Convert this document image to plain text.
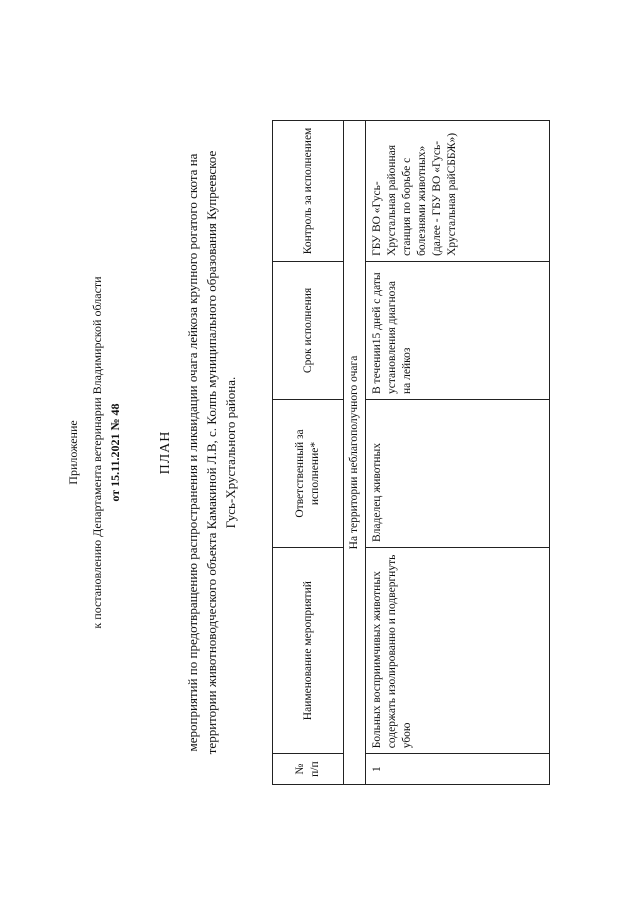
Приложение к постановлению Департамента ветеринарии Владимирской области от 15.11.2021 № 48	ПЛАН мероприятий по предотвращению распространения и ликвидации очага лейкоза крупного рогатого скота на территории животноводческого объекта Камакиной Л.В, с. Колпь муниципального образования Купреевское Гусь-Хрустального района.
№ п/п	Наименование мероприятий	Ответственный за исполнение*	Срок исполнения	Контроль за исполнением
На территории неблагополучного очага				
1	Больных восприимчивых животных содержать изолированно и подвергнуть убою	Владелец животных	В течении15 дней с даты установления диагноза на лейкоз	ГБУ ВО «Гусь-Хрустальная районная станция по борьбе с болезнями животных» (далее - ГБУ ВО «Гусь-Хрустальная райСББЖ»)
